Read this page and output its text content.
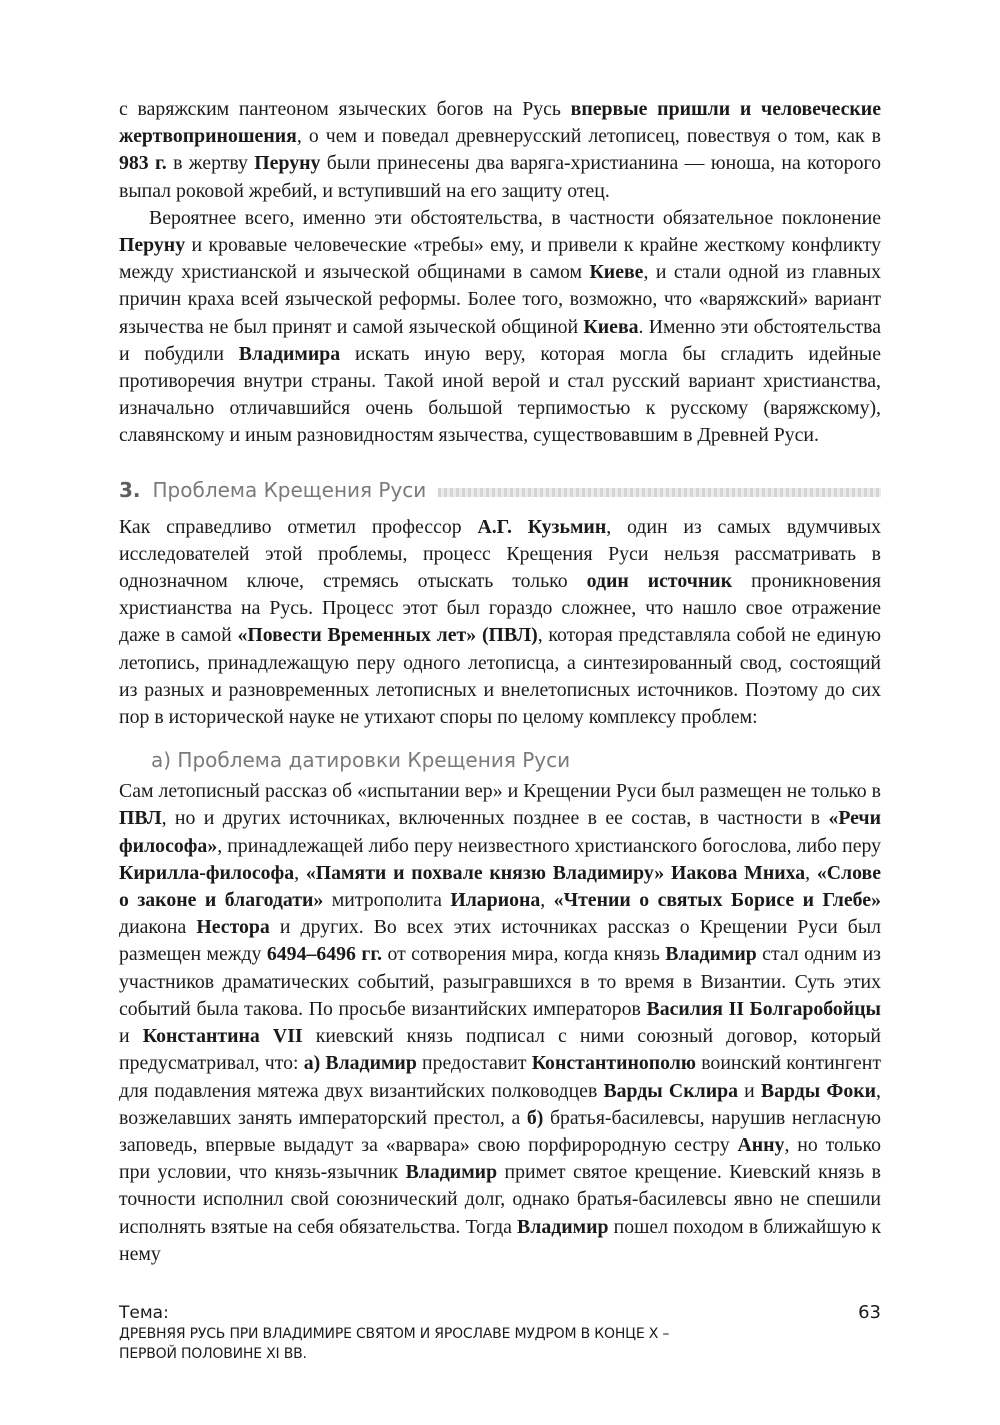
с варяжским пантеоном языческих богов на Русь впервые пришли и человеческие жертвоприношения, о чем и поведал древнерусский летописец, повествуя о том, как в 983 г. в жертву Перуну были принесены два варяга-христианина — юноша, на которого выпал роковой жребий, и вступивший на его защиту отец.

Вероятнее всего, именно эти обстоятельства, в частности обязательное поклонение Перуну и кровавые человеческие «требы» ему, и привели к крайне жесткому конфликту между христианской и языческой общинами в самом Киеве, и стали одной из главных причин краха всей языческой реформы. Более того, возможно, что «варяжский» вариант язычества не был принят и самой языческой общиной Киева. Именно эти обстоятельства и побудили Владимира искать иную веру, которая могла бы сгладить идейные противоречия внутри страны. Такой иной верой и стал русский вариант христианства, изначально отличавшийся очень большой терпимостью к русскому (варяжскому), славянскому и иным разновидностям язычества, существовавшим в Древней Руси.

3. Проблема Крещения Руси

Как справедливо отметил профессор А.Г. Кузьмин, один из самых вдумчивых исследователей этой проблемы, процесс Крещения Руси нельзя рассматривать в однозначном ключе, стремясь отыскать только один источник проникновения христианства на Русь. Процесс этот был гораздо сложнее, что нашло свое отражение даже в самой «Повести Временных лет» (ПВЛ), которая представляла собой не единую летопись, принадлежащую перу одного летописца, а синтезированный свод, состоящий из разных и разновременных летописных и внелетописных источников. Поэтому до сих пор в исторической науке не утихают споры по целому комплексу проблем:

а) Проблема датировки Крещения Руси

Сам летописный рассказ об «испытании вер» и Крещении Руси был размещен не только в ПВЛ, но и других источниках, включенных позднее в ее состав, в частности в «Речи философа», принадлежащей либо перу неизвестного христианского богослова, либо перу Кирилла-философа, «Памяти и похвале князю Владимиру» Иакова Мниха, «Слове о законе и благодати» митрополита Илариона, «Чтении о святых Борисе и Глебе» диакона Нестора и других. Во всех этих источниках рассказ о Крещении Руси был размещен между 6494–6496 гг. от сотворения мира, когда князь Владимир стал одним из участников драматических событий, разыгравшихся в то время в Византии. Суть этих событий была такова. По просьбе византийских императоров Василия II Болгаробойцы и Константина VII киевский князь подписал с ними союзный договор, который предусматривал, что: а) Владимир предоставит Константинополю воинский контингент для подавления мятежа двух византийских полководцев Варды Склира и Варды Фоки, возжелавших занять императорский престол, а б) братья-басилевсы, нарушив негласную заповедь, впервые выдадут за «варвара» свою порфирородную сестру Анну, но только при условии, что князь-язычник Владимир примет святое крещение. Киевский князь в точности исполнил свой союзнический долг, однако братья-басилевсы явно не спешили исполнять взятые на себя обязательства. Тогда Владимир пошел походом в ближайшую к нему

Тема:
ДРЕВНЯЯ РУСЬ ПРИ ВЛАДИМИРЕ СВЯТОМ И ЯРОСЛАВЕ МУДРОМ В КОНЦЕ X –
ПЕРВОЙ ПОЛОВИНЕ XI ВВ.
63
